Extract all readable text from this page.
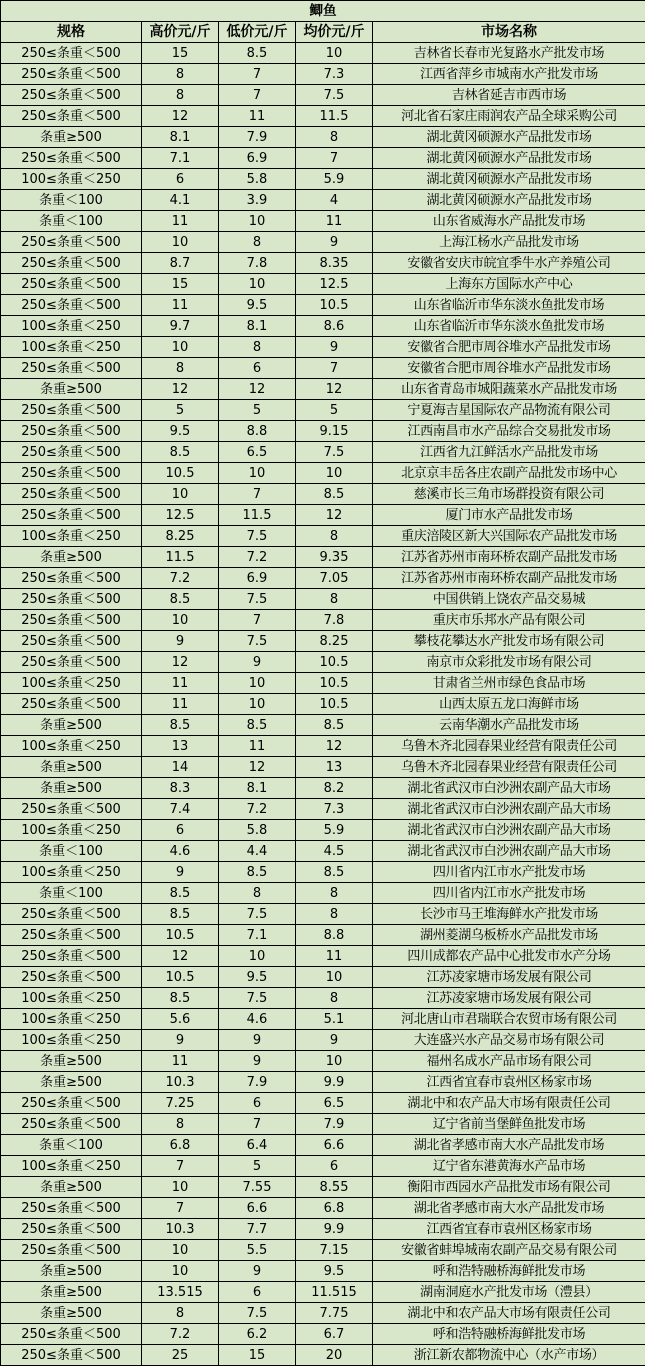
鲫鱼				
规格	高价元/斤	低价元/斤	均价元/斤	市场名称
250≤条重＜500	15	8.5	10	吉林省长春市光复路水产批发市场
250≤条重＜500	8	7	7.3	江西省萍乡市城南水产批发市场
250≤条重＜500	8	7	7.5	吉林省延吉市西市场
250≤条重＜500	12	11	11.5	河北省石家庄雨润农产品全球采购公司
条重≥500	8.1	7.9	8	湖北黄冈硕源水产品批发市场
250≤条重＜500	7.1	6.9	7	湖北黄冈硕源水产品批发市场
100≤条重＜250	6	5.8	5.9	湖北黄冈硕源水产品批发市场
条重＜100	4.1	3.9	4	湖北黄冈硕源水产品批发市场
条重＜100	11	10	11	山东省威海水产品批发市场
250≤条重＜500	10	8	9	上海江杨水产品批发市场
250≤条重＜500	8.7	7.8	8.35	安徽省安庆市皖宜季牛水产养殖公司
250≤条重＜500	15	10	12.5	上海东方国际水产中心
250≤条重＜500	11	9.5	10.5	山东省临沂市华东淡水鱼批发市场
100≤条重＜250	9.7	8.1	8.6	山东省临沂市华东淡水鱼批发市场
100≤条重＜250	10	8	9	安徽省合肥市周谷堆水产品批发市场
250≤条重＜500	8	6	7	安徽省合肥市周谷堆水产品批发市场
条重≥500	12	12	12	山东省青岛市城阳蔬菜水产品批发市场
250≤条重＜500	5	5	5	宁夏海吉星国际农产品物流有限公司
250≤条重＜500	9.5	8.8	9.15	江西南昌市水产品综合交易批发市场
250≤条重＜500	8.5	6.5	7.5	江西省九江鲜活水产品批发市场
250≤条重＜500	10.5	10	10	北京京丰岳各庄农副产品批发市场中心
250≤条重＜500	10	7	8.5	慈溪市长三角市场群投资有限公司
250≤条重＜500	12.5	11.5	12	厦门市水产品批发市场
100≤条重＜250	8.25	7.5	8	重庆涪陵区新大兴国际农产品批发市场
条重≥500	11.5	7.2	9.35	江苏省苏州市南环桥农副产品批发市场
250≤条重＜500	7.2	6.9	7.05	江苏省苏州市南环桥农副产品批发市场
250≤条重＜500	8.5	7.5	8	中国供销上饶农产品交易城
250≤条重＜500	10	7	7.8	重庆市乐邦水产品有限公司
250≤条重＜500	9	7.5	8.25	攀枝花攀达水产批发市场有限公司
250≤条重＜500	12	9	10.5	南京市众彩批发市场有限公司
100≤条重＜250	11	10	10.5	甘肃省兰州市绿色食品市场
250≤条重＜500	11	10	10.5	山西太原五龙口海鲜市场
条重≥500	8.5	8.5	8.5	云南华潮水产品批发市场
100≤条重＜250	13	11	12	乌鲁木齐北园春果业经营有限责任公司
条重≥500	14	12	13	乌鲁木齐北园春果业经营有限责任公司
条重≥500	8.3	8.1	8.2	湖北省武汉市白沙洲农副产品大市场
250≤条重＜500	7.4	7.2	7.3	湖北省武汉市白沙洲农副产品大市场
100≤条重＜250	6	5.8	5.9	湖北省武汉市白沙洲农副产品大市场
条重＜100	4.6	4.4	4.5	湖北省武汉市白沙洲农副产品大市场
100≤条重＜250	9	8.5	8.5	四川省内江市水产批发市场
条重＜100	8.5	8	8	四川省内江市水产批发市场
250≤条重＜500	8.5	7.5	8	长沙市马王堆海鲜水产批发市场
250≤条重＜500	10.5	7.1	8.8	湖州菱湖乌板桥水产品批发市场
250≤条重＜500	12	10	11	四川成都农产品中心批发市水产分场
250≤条重＜500	10.5	9.5	10	江苏凌家塘市场发展有限公司
100≤条重＜250	8.5	7.5	8	江苏凌家塘市场发展有限公司
100≤条重＜250	5.6	4.6	5.1	河北唐山市君瑞联合农贸市场有限公司
100≤条重＜250	9	9	9	大连盛兴水产品交易市场有限公司
条重≥500	11	9	10	福州名成水产品市场有限公司
条重≥500	10.3	7.9	9.9	江西省宜春市袁州区杨家市场
250≤条重＜500	7.25	6	6.5	湖北中和农产品大市场有限责任公司
250≤条重＜500	8	7	7.9	辽宁省前当堡鲜鱼批发市场
条重＜100	6.8	6.4	6.6	湖北省孝感市南大水产品批发市场
100≤条重＜250	7	5	6	辽宁省东港黄海水产品市场
条重≥500	10	7.55	8.55	衡阳市西园水产品批发市场有限公司
250≤条重＜500	7	6.6	6.8	湖北省孝感市南大水产品批发市场
250≤条重＜500	10.3	7.7	9.9	江西省宜春市袁州区杨家市场
250≤条重＜500	10	5.5	7.15	安徽省蚌埠城南农副产品交易有限公司
条重≥500	10	9	9.5	呼和浩特融桥海鲜批发市场
条重≥500	13.515	6	11.515	湖南洞庭水产批发市场（澧县）
条重≥500	8	7.5	7.75	湖北中和农产品大市场有限责任公司
250≤条重＜500	7.2	6.2	6.7	呼和浩特融桥海鲜批发市场
250≤条重＜500	25	15	20	浙江新农都物流中心（水产市场）
